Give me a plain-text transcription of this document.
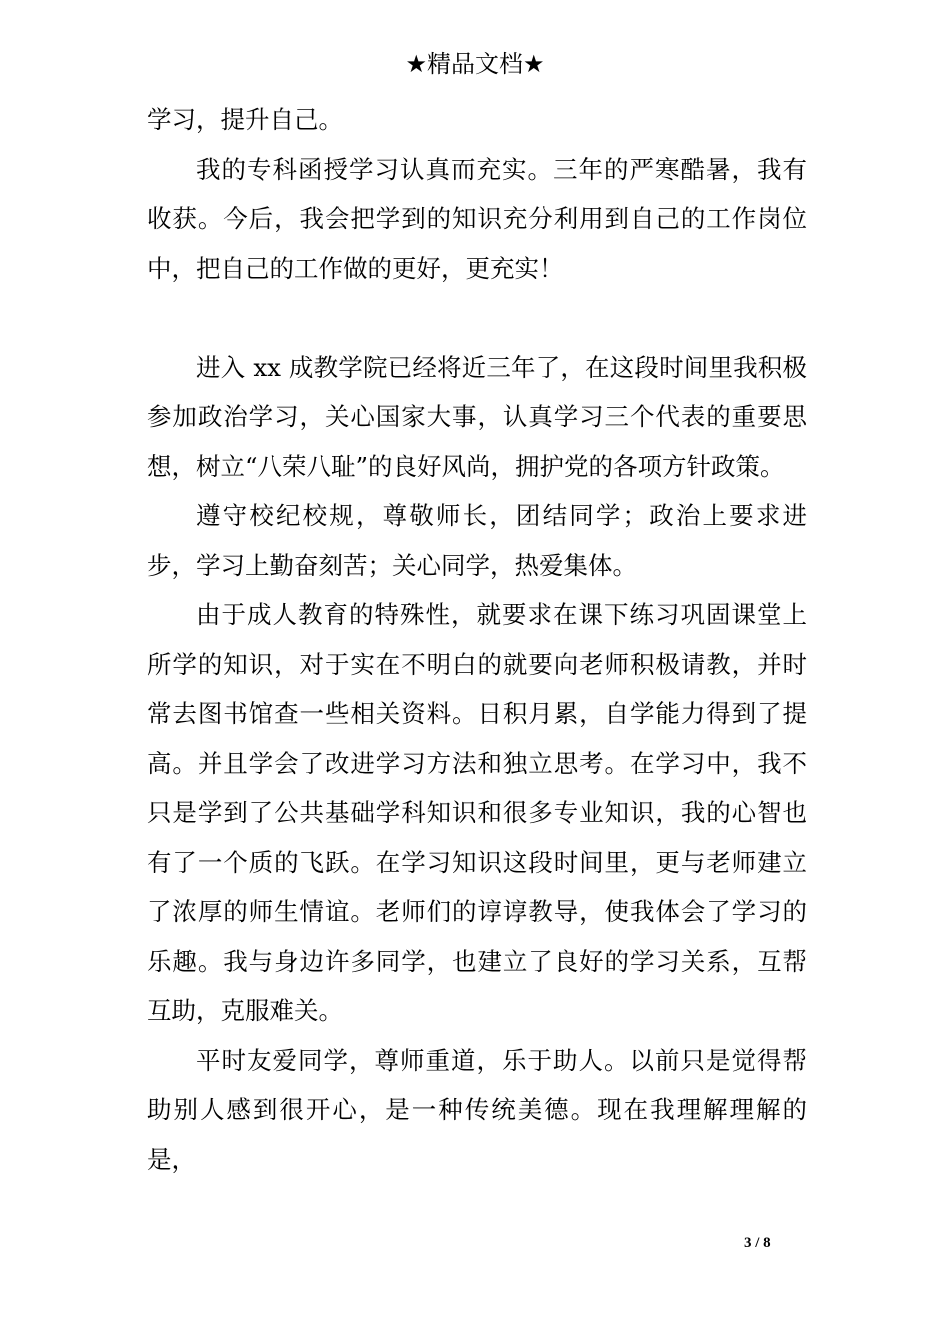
★精品文档★

学习，提升自己。

我的专科函授学习认真而充实。三年的严寒酷暑，我有收获。今后，我会把学到的知识充分利用到自己的工作岗位中，把自己的工作做的更好，更充实！

进入 xx 成教学院已经将近三年了，在这段时间里我积极参加政治学习，关心国家大事，认真学习三个代表的重要思想，树立“八荣八耻”的良好风尚，拥护党的各项方针政策。

遵守校纪校规，尊敬师长，团结同学；政治上要求进步，学习上勤奋刻苦；关心同学，热爱集体。

由于成人教育的特殊性，就要求在课下练习巩固课堂上所学的知识，对于实在不明白的就要向老师积极请教，并时常去图书馆查一些相关资料。日积月累，自学能力得到了提高。并且学会了改进学习方法和独立思考。在学习中，我不只是学到了公共基础学科知识和很多专业知识，我的心智也有了一个质的飞跃。在学习知识这段时间里，更与老师建立了浓厚的师生情谊。老师们的谆谆教导，使我体会了学习的乐趣。我与身边许多同学，也建立了良好的学习关系，互帮互助，克服难关。

平时友爱同学，尊师重道，乐于助人。以前只是觉得帮助别人感到很开心，是一种传统美德。现在我理解理解的是，

3 / 8
